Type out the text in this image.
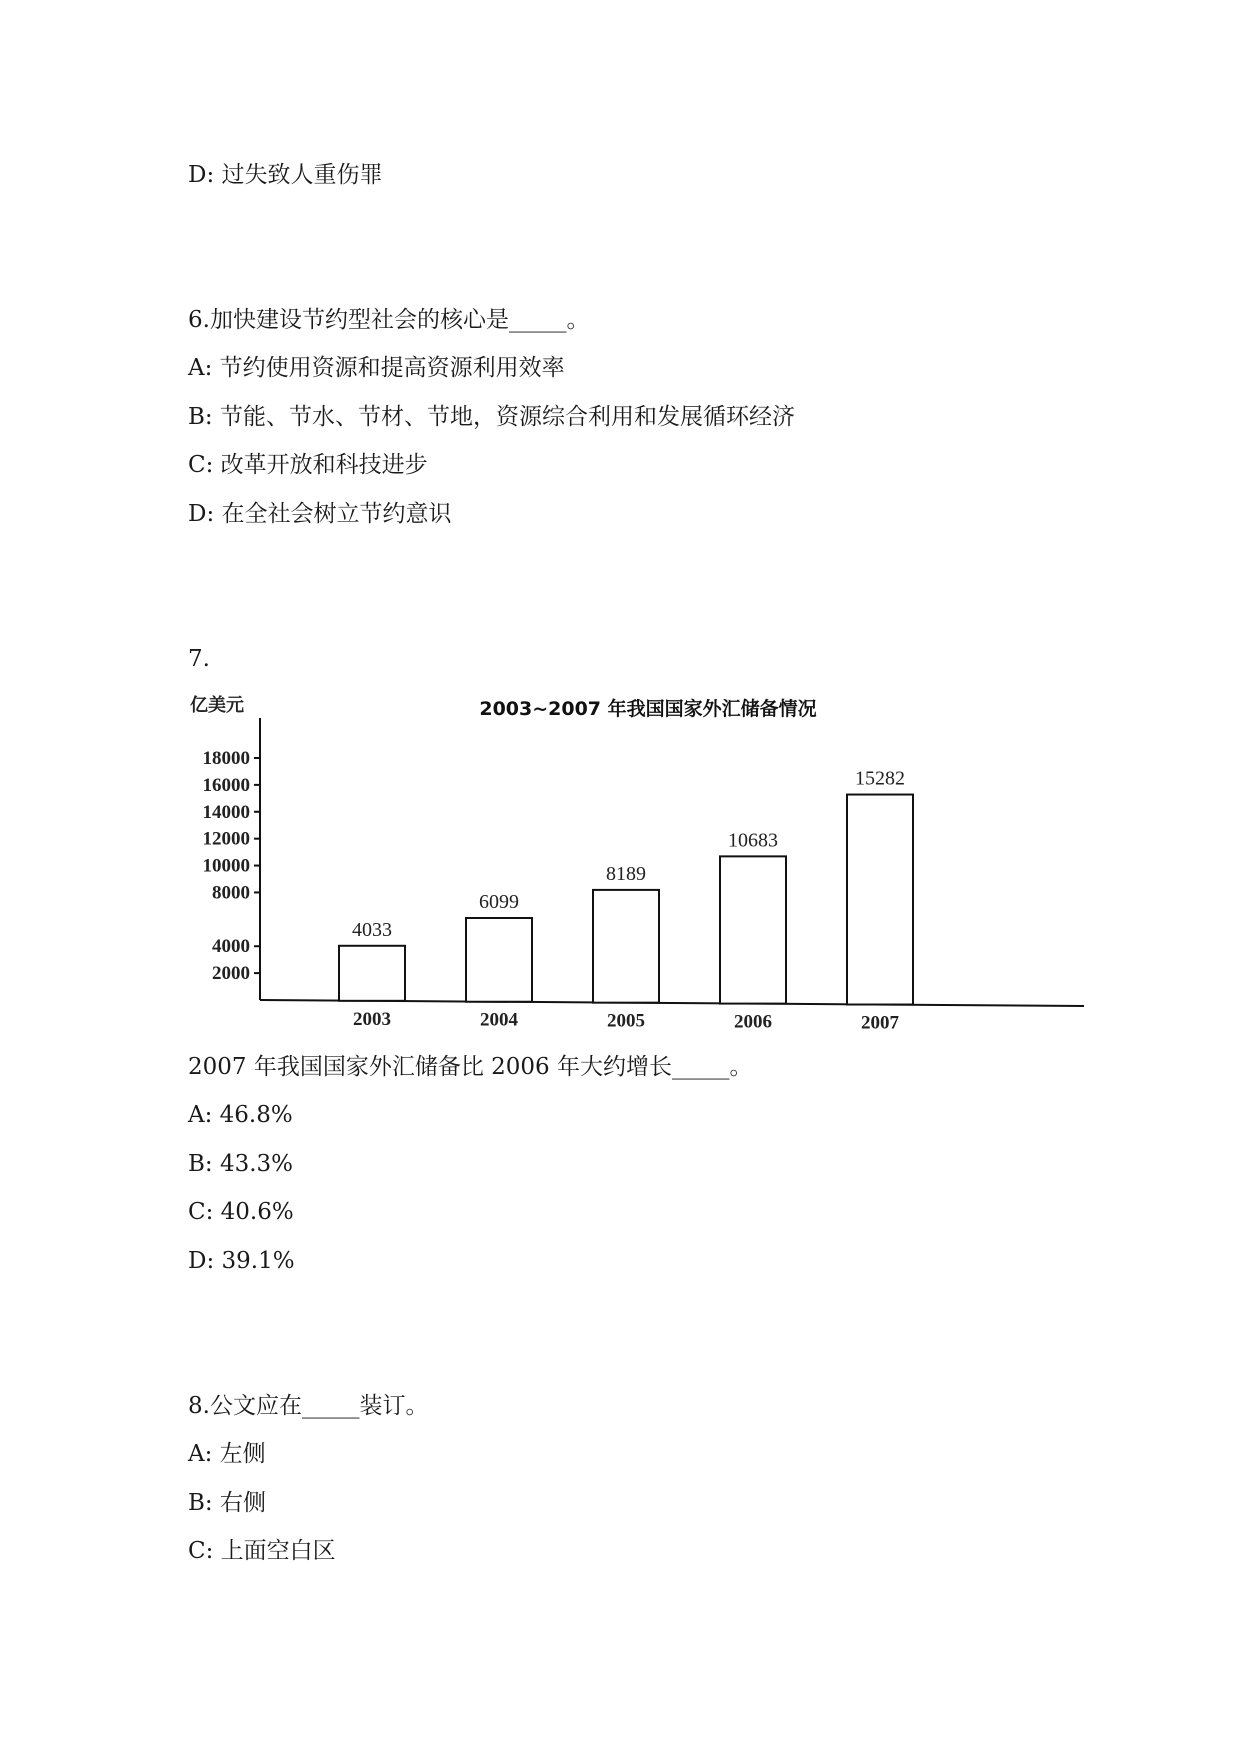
D: 过失致人重伤罪

6.加快建设节约型社会的核心是_____。

A: 节约使用资源和提高资源利用效率

B: 节能、节水、节材、节地，资源综合利用和发展循环经济

C: 改革开放和科技进步

D: 在全社会树立节约意识

7.

亿美元	2003~2007 年我国国家外汇储备情况
2000
4000
8000
10000
12000
14000
16000
18000
2003	2004	2005	2006	2007
4033
6099
8189
10683
15282

2007 年我国国家外汇储备比 2006 年大约增长_____。

A: 46.8%

B: 43.3%

C: 40.6%

D: 39.1%

8.公文应在_____装订。

A: 左侧

B: 右侧

C: 上面空白区
